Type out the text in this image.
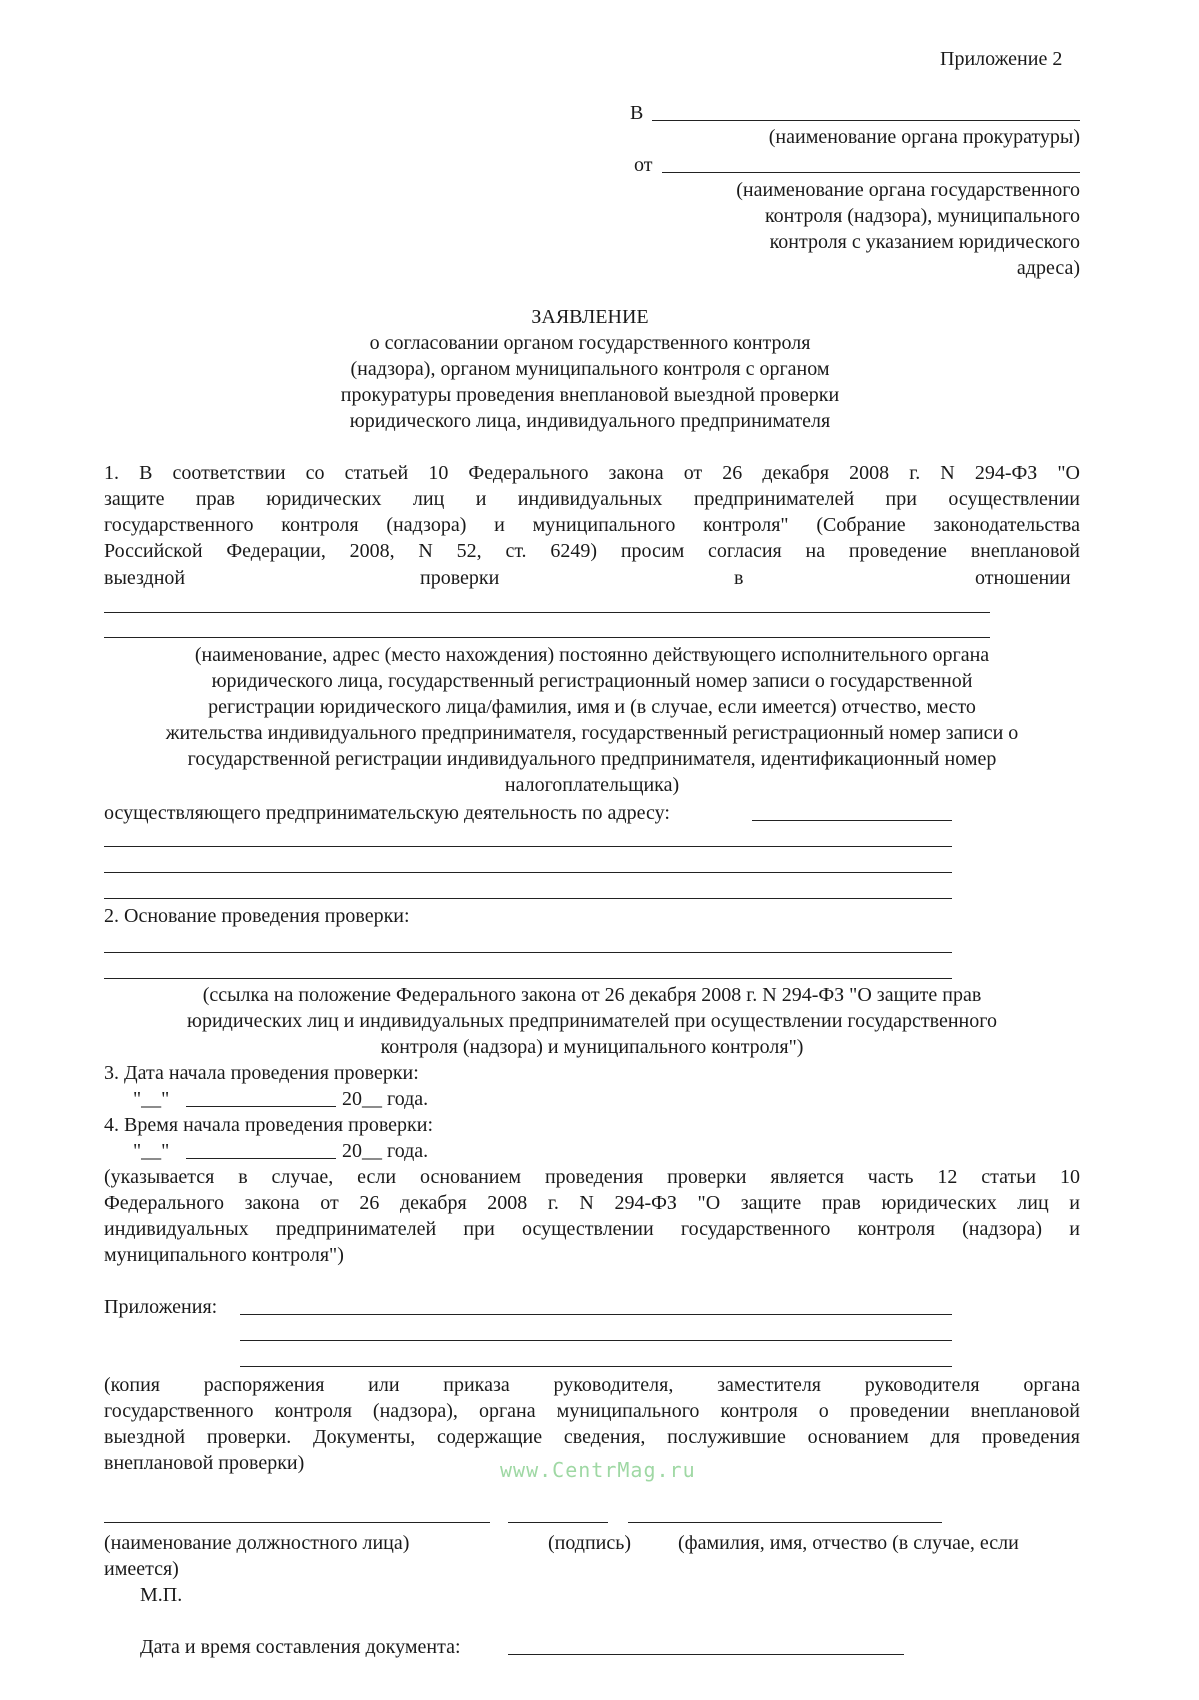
Приложение 2
В
(наименование органа прокуратуры)
от
(наименование органа государственного
контроля (надзора), муниципального
контроля с указанием юридического
адреса)
ЗАЯВЛЕНИЕ
о согласовании органом государственного контроля
(надзора), органом муниципального контроля с органом
прокуратуры проведения внеплановой выездной проверки
юридического лица, индивидуального предпринимателя
1. В соответствии со статьей 10 Федерального закона от 26 декабря 2008 г. N 294-ФЗ "О
защите прав юридических лиц и индивидуальных предпринимателей при осуществлении
государственного контроля (надзора) и муниципального контроля" (Собрание законодательства
Российской Федерации, 2008, N 52, ст. 6249) просим согласия на проведение внеплановой
выездной	проверки	в	отношении
(наименование, адрес (место нахождения) постоянно действующего исполнительного органа
юридического лица, государственный регистрационный номер записи о государственной
регистрации юридического лица/фамилия, имя и (в случае, если имеется) отчество, место
жительства индивидуального предпринимателя, государственный регистрационный номер записи о
государственной регистрации индивидуального предпринимателя, идентификационный номер
налогоплательщика)
осуществляющего предпринимательскую деятельность по адресу:
2. Основание проведения проверки:
(ссылка на положение Федерального закона от 26 декабря 2008 г. N 294-ФЗ "О защите прав
юридических лиц и индивидуальных предпринимателей при осуществлении государственного
контроля (надзора) и муниципального контроля")
3. Дата начала проведения проверки:
"__"	20__ года.
4. Время начала проведения проверки:
"__"	20__ года.
(указывается в случае, если основанием проведения проверки является часть 12 статьи 10
Федерального закона от 26 декабря 2008 г. N 294-ФЗ "О защите прав юридических лиц и
индивидуальных предпринимателей при осуществлении государственного контроля (надзора) и
муниципального контроля")
Приложения:
(копия распоряжения или приказа руководителя, заместителя руководителя органа
государственного контроля (надзора), органа муниципального контроля о проведении внеплановой
выездной проверки. Документы, содержащие сведения, послужившие основанием для проведения
внеплановой проверки)	www.CentrMag.ru
(наименование должностного лица)	(подпись) (фамилия, имя, отчество (в случае, если
имеется)
М.П.
Дата и время составления документа:
